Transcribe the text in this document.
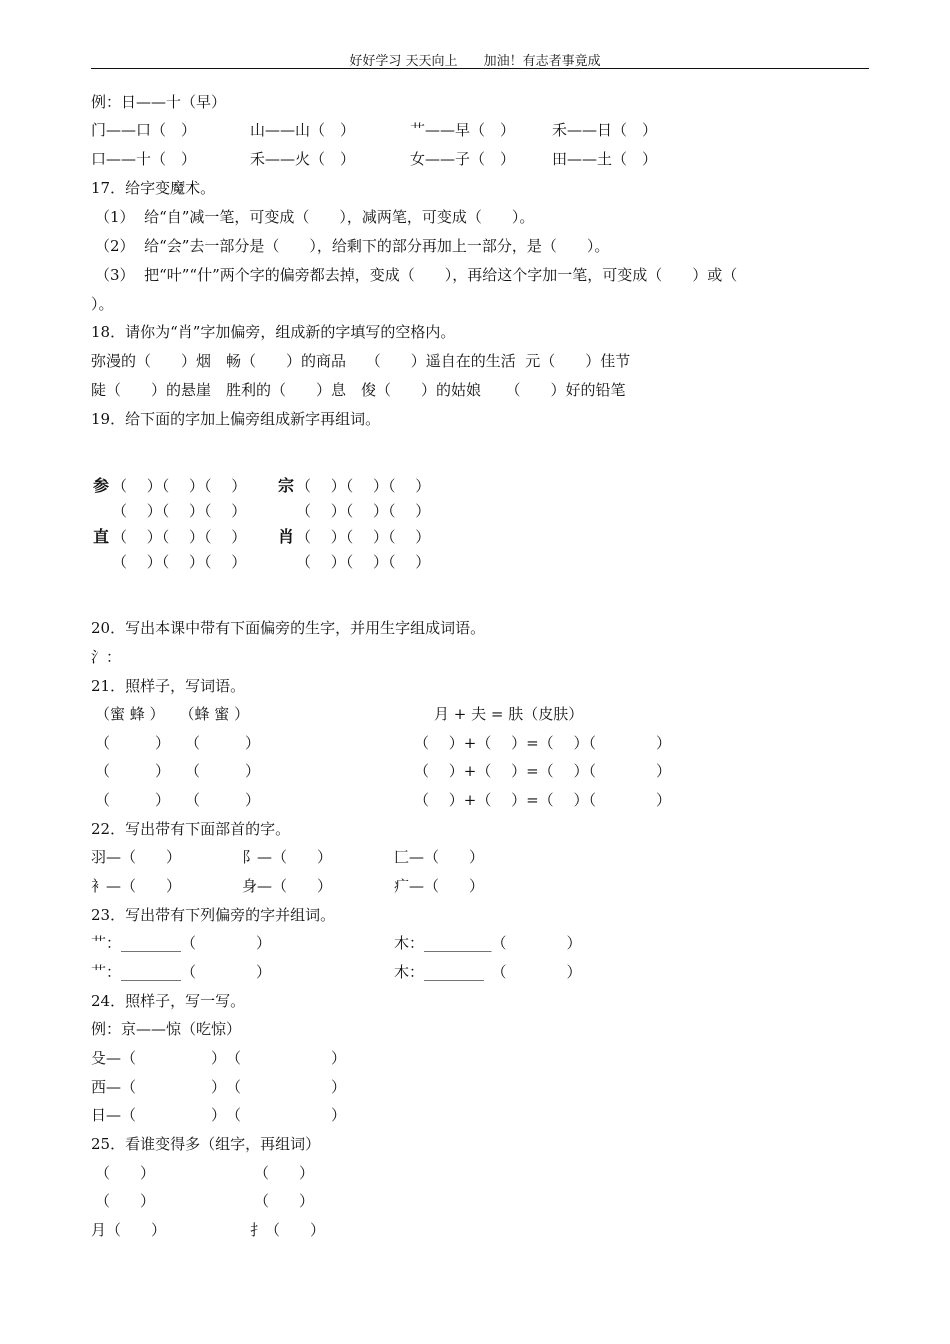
好好学习 天天向上　　 加油！有志者事竟成
例：日——十（早）
门——口（　）	山——山（　）	艹——早（　） 禾——日（　）
口——十（　）	禾——火（　）	女——子（　） 田——土（　）
17．给字变魔术。
（1）  给“自”减一笔，可变成（　　），减两笔，可变成（　　）。
（2）  给“会”去一部分是（　　），给剩下的部分再加上一部分，是（　　）。
（3）  把“叶”“什”两个字的偏旁都去掉，变成（　　），再给这个字加一笔，可变成（　　）或（
）。
18．请你为“肖”字加偏旁，组成新的字填写的空格内。
弥漫的（　　）烟　畅（　　）的商品　 （　　）遥自在的生活  元（　　）佳节
陡（　　）的悬崖　胜利的（　　）息　俊（　　）的姑娘　  （　　）好的铅笔
19．给下面的字加上偏旁组成新字再组词。
参 （　 ）（　 ）（　 ） 宗 （　 ）（　 ）（　 ）
（　 ）（　 ）（　 ）	（　 ）（　 ）（　 ）
直 （　 ）（　 ）（　 ） 肖 （　 ）（　 ）（　 ）
（　 ）（　 ）（　 ）	（　 ）（　 ）（　 ）
20．写出本课中带有下面偏旁的生字，并用生字组成词语。
氵：
21．照样子，写词语。
（蜜 蜂 ）　　（蜂 蜜 ）	月 + 夫 = 肤（皮肤）
（　　　）　　（　　　）	（　 ）+（　 ）=（　 ）（　　　　）
（　　　）　　（　　　）	（　 ）+（　 ）=（　 ）（　　　　）
（　　　）　　（　　　）	（　 ）+（　 ）=（　 ）（　　　　）
22．写出带有下面部首的字。
羽—（　　）	阝—（　　）	匚—（　　）
衤—（　　）	身—（　　）	疒—（　　）
23．写出带有下列偏旁的字并组词。
艹：________（　　　　）	木：_________（　　　　）
艹：________（　　　　）	木：________　（　　　　）
24．照样子，写一写。
例：京——惊（吃惊）
殳—（　　　　　）　（　　　　　　）
西—（　　　　　）　（　　　　　　）
日—（　　　　　）　（　　　　　　）
25．看谁变得多（组字，再组词）
（　　）	（　　）
（　　）	（　　）
月（　　）	扌（　　）
